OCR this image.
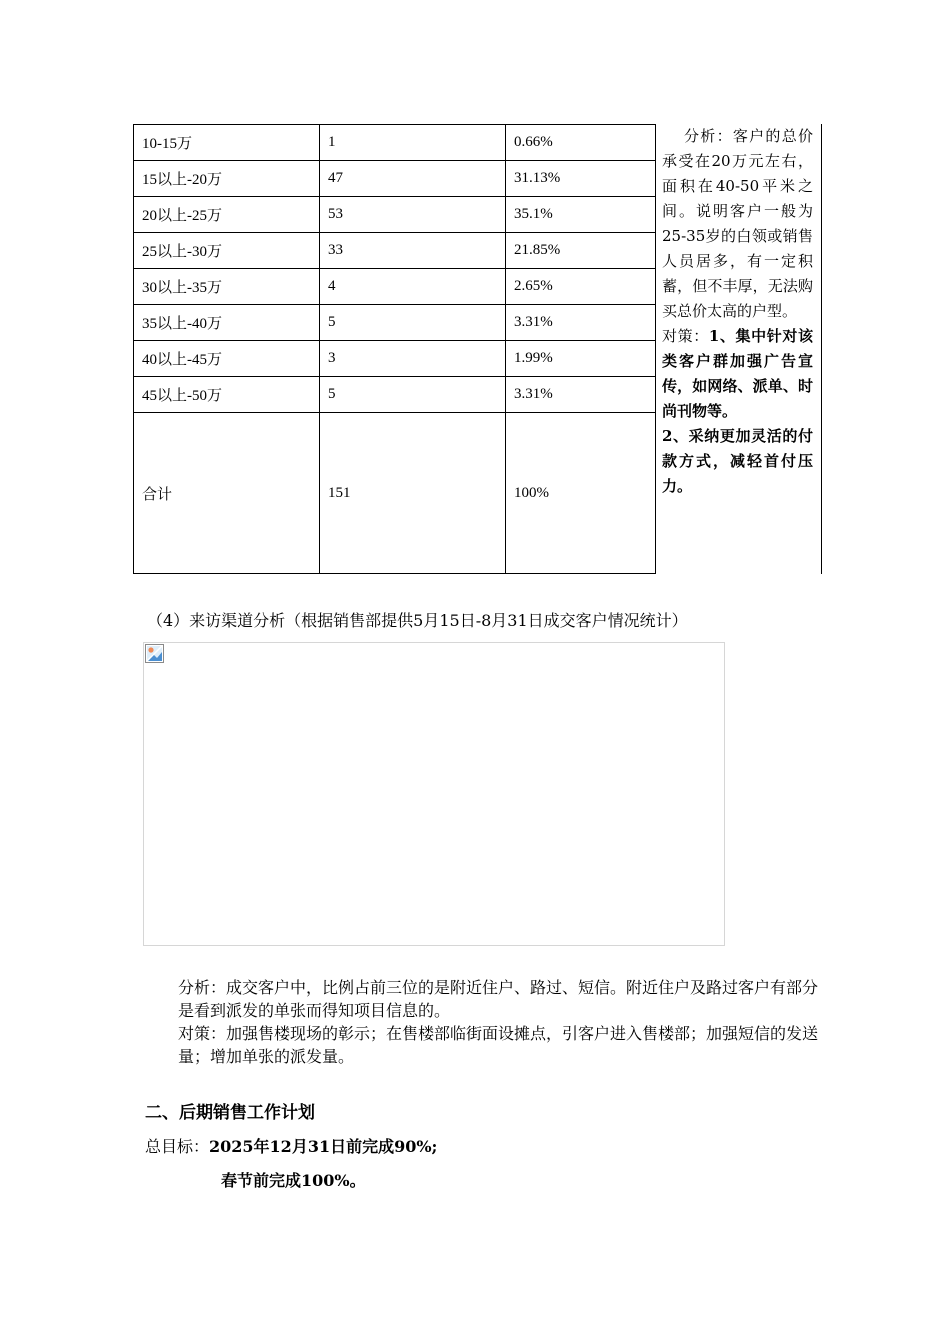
10-15万	1	0.66%
15以上-20万	47	31.13%
20以上-25万	53	35.1%
25以上-30万	33	21.85%
30以上-35万	4	2.65%
35以上-40万	5	3.31%
40以上-45万	3	1.99%
45以上-50万	5	3.31%
合计	151	100%

分析：客户的总价承受在20万元左右，面积在40-50平米之间。说明客户一般为25-35岁的白领或销售人员居多，有一定积蓄，但不丰厚，无法购买总价太高的户型。

对策：1、集中针对该类客户群加强广告宣传，如网络、派单、时尚刊物等。

2、采纳更加灵活的付款方式，减轻首付压力。

（4）来访渠道分析（根据销售部提供5月15日-8月31日成交客户情况统计）

分析：成交客户中，比例占前三位的是附近住户、路过、短信。附近住户及路过客户有部分是看到派发的单张而得知项目信息的。

对策：加强售楼现场的彰示；在售楼部临街面设摊点，引客户进入售楼部；加强短信的发送量；增加单张的派发量。

二、后期销售工作计划
总目标：2025年12月31日前完成90%;
春节前完成100%。
